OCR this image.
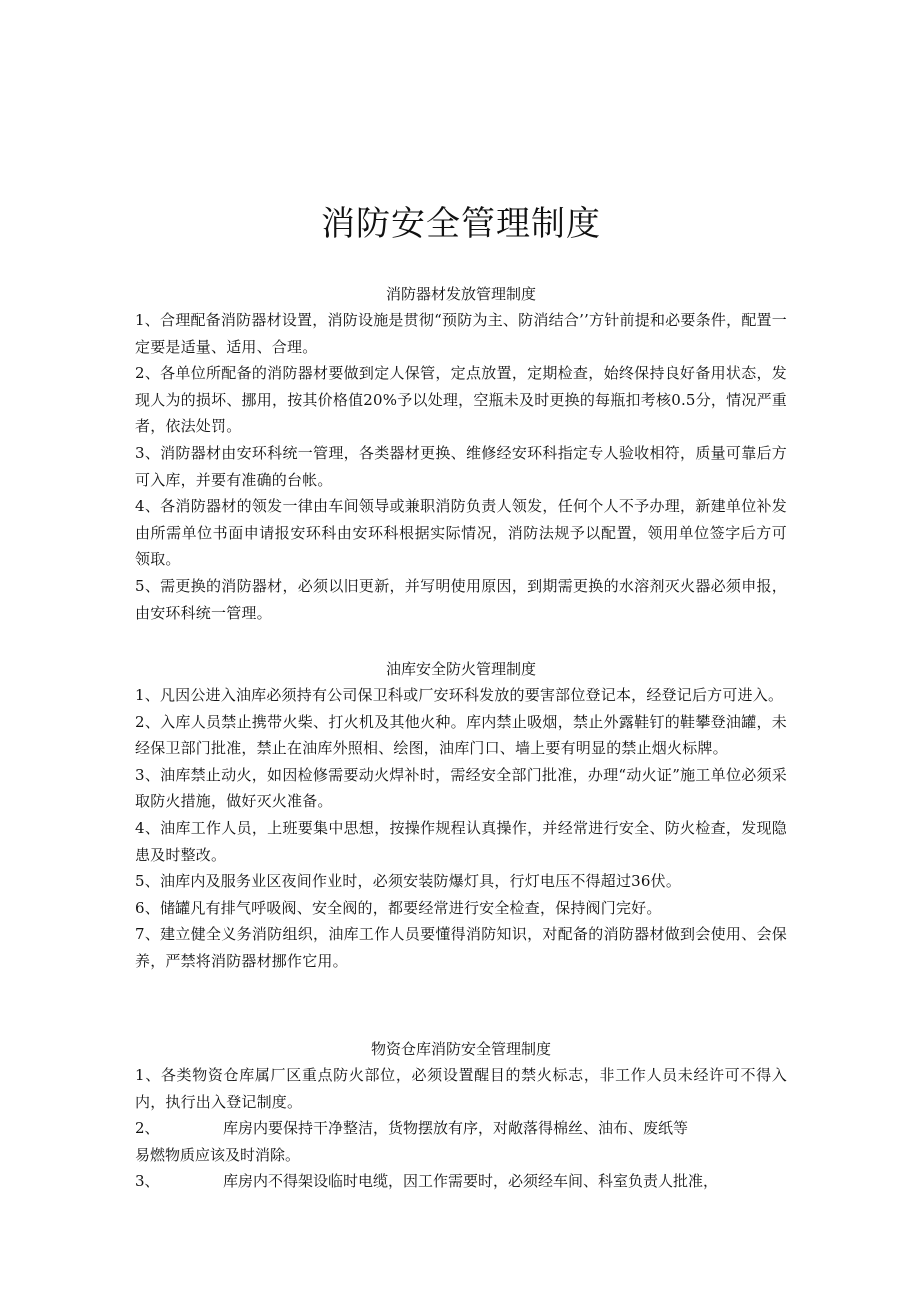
消防安全管理制度
消防器材发放管理制度

1、合理配备消防器材设置，消防设施是贯彻“预防为主、防消结合’’方针前提和必要条件，配置一定要是适量、适用、合理。

2、各单位所配备的消防器材要做到定人保管，定点放置，定期检查，始终保持良好备用状态，发现人为的损坏、挪用，按其价格值20%予以处理，空瓶未及时更换的每瓶扣考核0.5分，情况严重者，依法处罚。

3、消防器材由安环科统一管理，各类器材更换、维修经安环科指定专人验收相符，质量可靠后方可入库，并要有准确的台帐。

4、各消防器材的领发一律由车间领导或兼职消防负责人领发，任何个人不予办理，新建单位补发由所需单位书面申请报安环科由安环科根据实际情况，消防法规予以配置，领用单位签字后方可领取。

5、需更换的消防器材，必须以旧更新，并写明使用原因，到期需更换的水溶剂灭火器必须申报，由安环科统一管理。

油库安全防火管理制度

1、凡因公进入油库必须持有公司保卫科或厂安环科发放的要害部位登记本，经登记后方可进入。

2、入库人员禁止携带火柴、打火机及其他火种。库内禁止吸烟，禁止外露鞋钉的鞋攀登油罐，未经保卫部门批准，禁止在油库外照相、绘图，油库门口、墙上要有明显的禁止烟火标牌。

3、油库禁止动火，如因检修需要动火焊补时，需经安全部门批准，办理“动火证”施工单位必须采取防火措施，做好灭火准备。

4、油库工作人员，上班要集中思想，按操作规程认真操作，并经常进行安全、防火检查，发现隐患及时整改。

5、油库内及服务业区夜间作业时，必须安装防爆灯具，行灯电压不得超过36伏。

6、储罐凡有排气呼吸阀、安全阀的，都要经常进行安全检查，保持阀门完好。

7、建立健全义务消防组织，油库工作人员要懂得消防知识，对配备的消防器材做到会使用、会保养，严禁将消防器材挪作它用。

物资仓库消防安全管理制度

1、各类物资仓库属厂区重点防火部位，必须设置醒目的禁火标志，非工作人员未经许可不得入内，执行出入登记制度。

2、	库房内要保持干净整洁，货物摆放有序，对敞落得棉丝、油布、废纸等
易燃物质应该及时消除。

3、	库房内不得架设临时电缆，因工作需要时，必须经车间、科室负责人批准，
